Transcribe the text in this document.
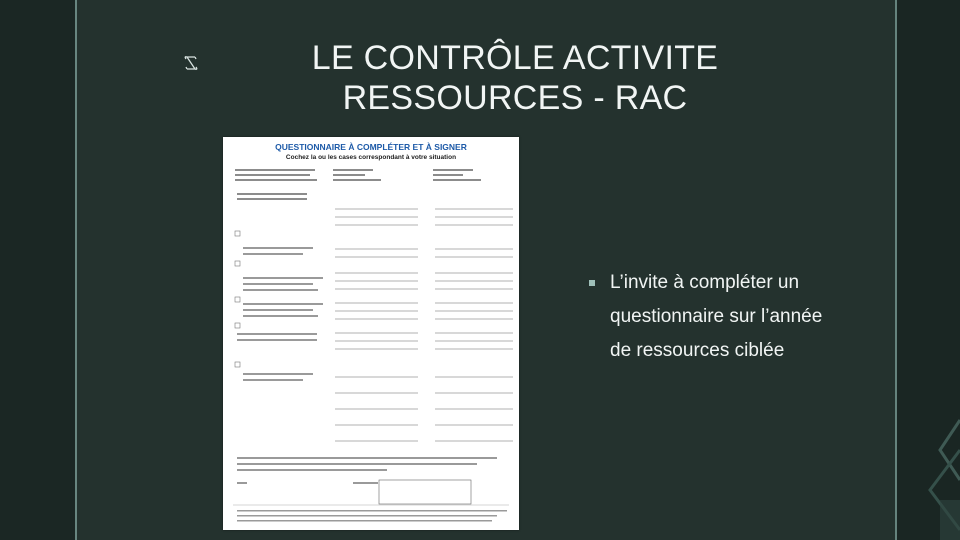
LE CONTRÔLE ACTIVITE
RESSOURCES - RAC
QUESTIONNAIRE À COMPLÉTER ET À SIGNER
Cochez la ou les cases correspondant à votre situation
L’invite à compléter un questionnaire sur l’année de ressources ciblée
